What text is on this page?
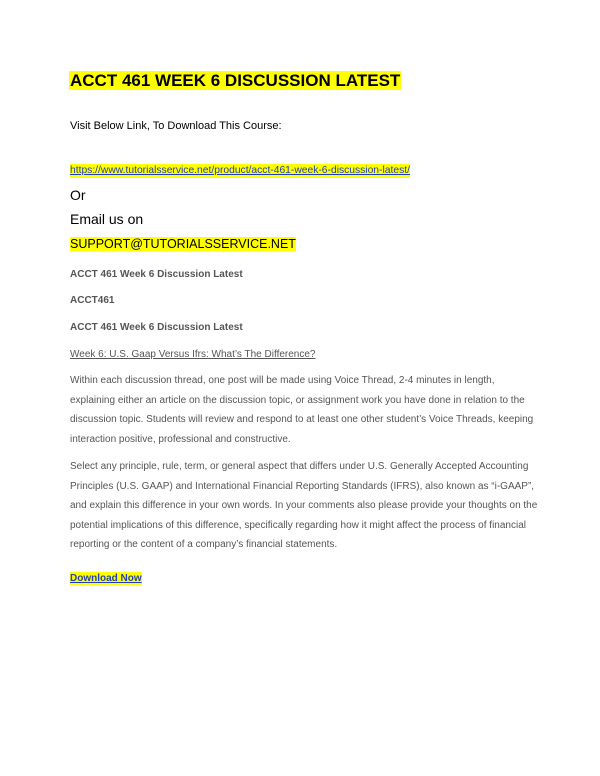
ACCT 461 WEEK 6 DISCUSSION LATEST
Visit Below Link, To Download This Course:
https://www.tutorialsservice.net/product/acct-461-week-6-discussion-latest/
Or
Email us on
SUPPORT@TUTORIALSSERVICE.NET
ACCT 461 Week 6 Discussion Latest
ACCT461
ACCT 461 Week 6 Discussion Latest
Week 6: U.S. Gaap Versus Ifrs: What’s The Difference?
Within each discussion thread, one post will be made using Voice Thread, 2-4 minutes in length,
explaining either an article on the discussion topic, or assignment work you have done in relation to the
discussion topic. Students will review and respond to at least one other student’s Voice Threads, keeping
interaction positive, professional and constructive.
Select any principle, rule, term, or general aspect that differs under U.S. Generally Accepted Accounting
Principles (U.S. GAAP) and International Financial Reporting Standards (IFRS), also known as “i-GAAP”,
and explain this difference in your own words. In your comments also please provide your thoughts on the
potential implications of this difference, specifically regarding how it might affect the process of financial
reporting or the content of a company’s financial statements.
Download Now
